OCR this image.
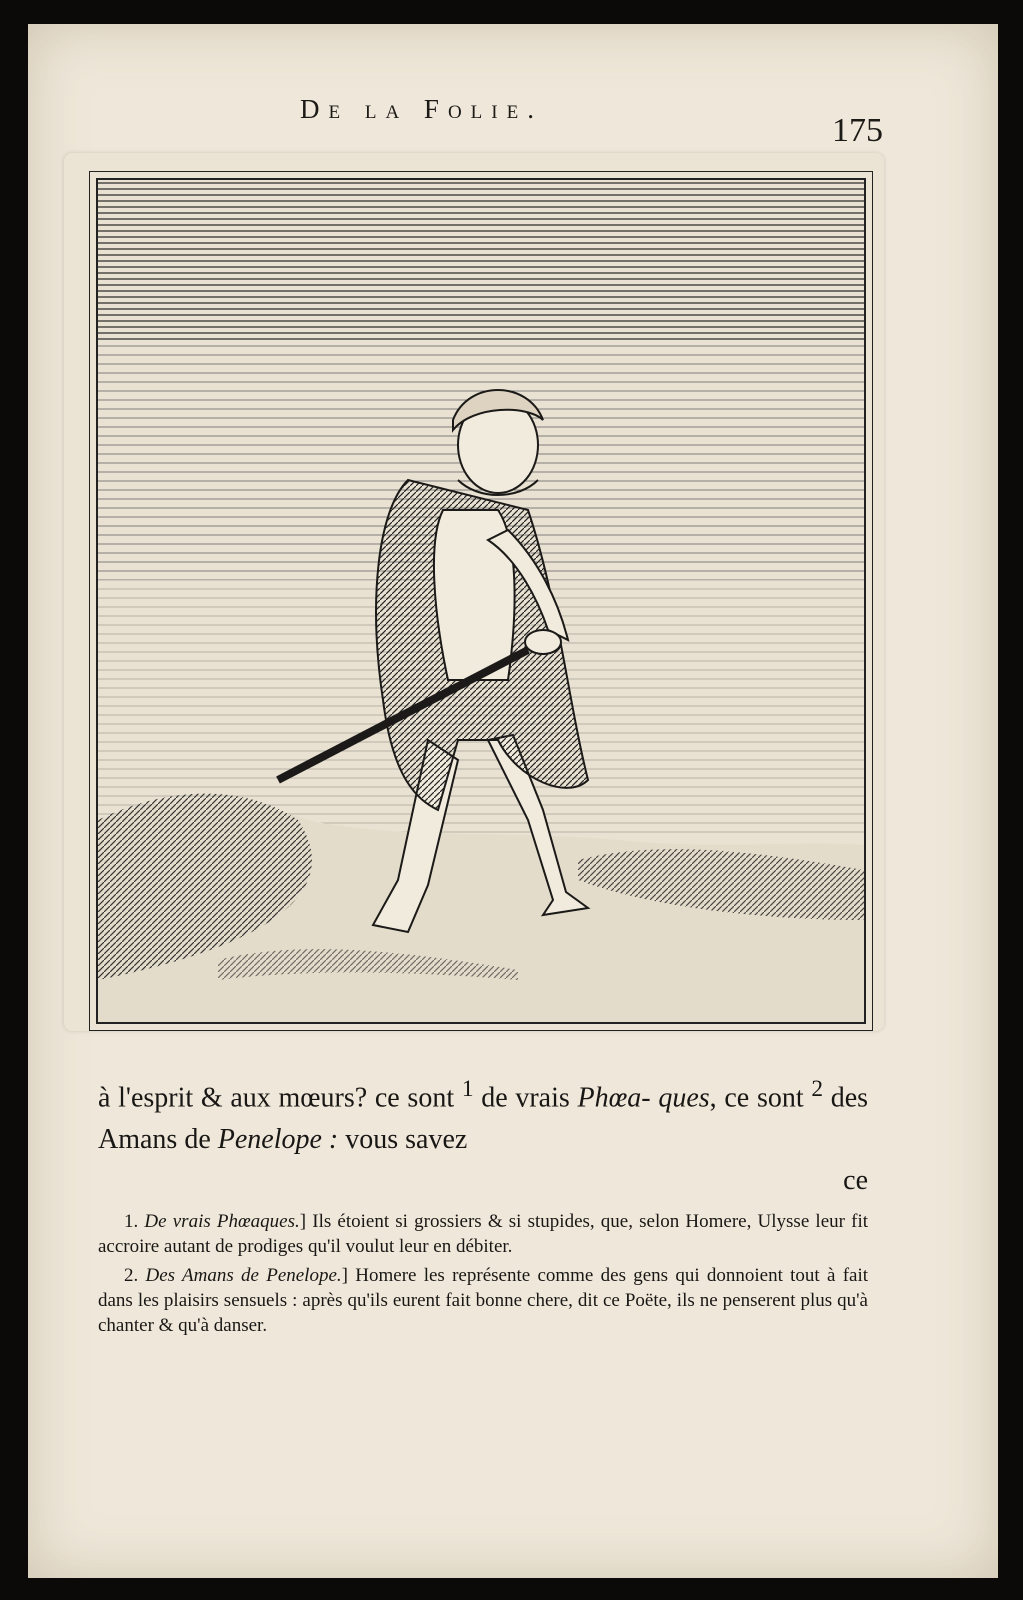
De la Folie.
175

à l'esprit & aux mœurs? ce sont $^1$ de vrais Phœa- ques, ce sont $^2$ des Amans de Penelope : vous savez

ce

1. De vrais Phœaques.] Ils étoient si grossiers & si stupides, que, selon Homere, Ulysse leur fit accroire autant de prodiges qu'il voulut leur en débiter.

2. Des Amans de Penelope.] Homere les représente comme des gens qui donnoient tout à fait dans les plaisirs sensuels : après qu'ils eurent fait bonne chere, dit ce Poëte, ils ne penserent plus qu'à chanter & qu'à danser.
